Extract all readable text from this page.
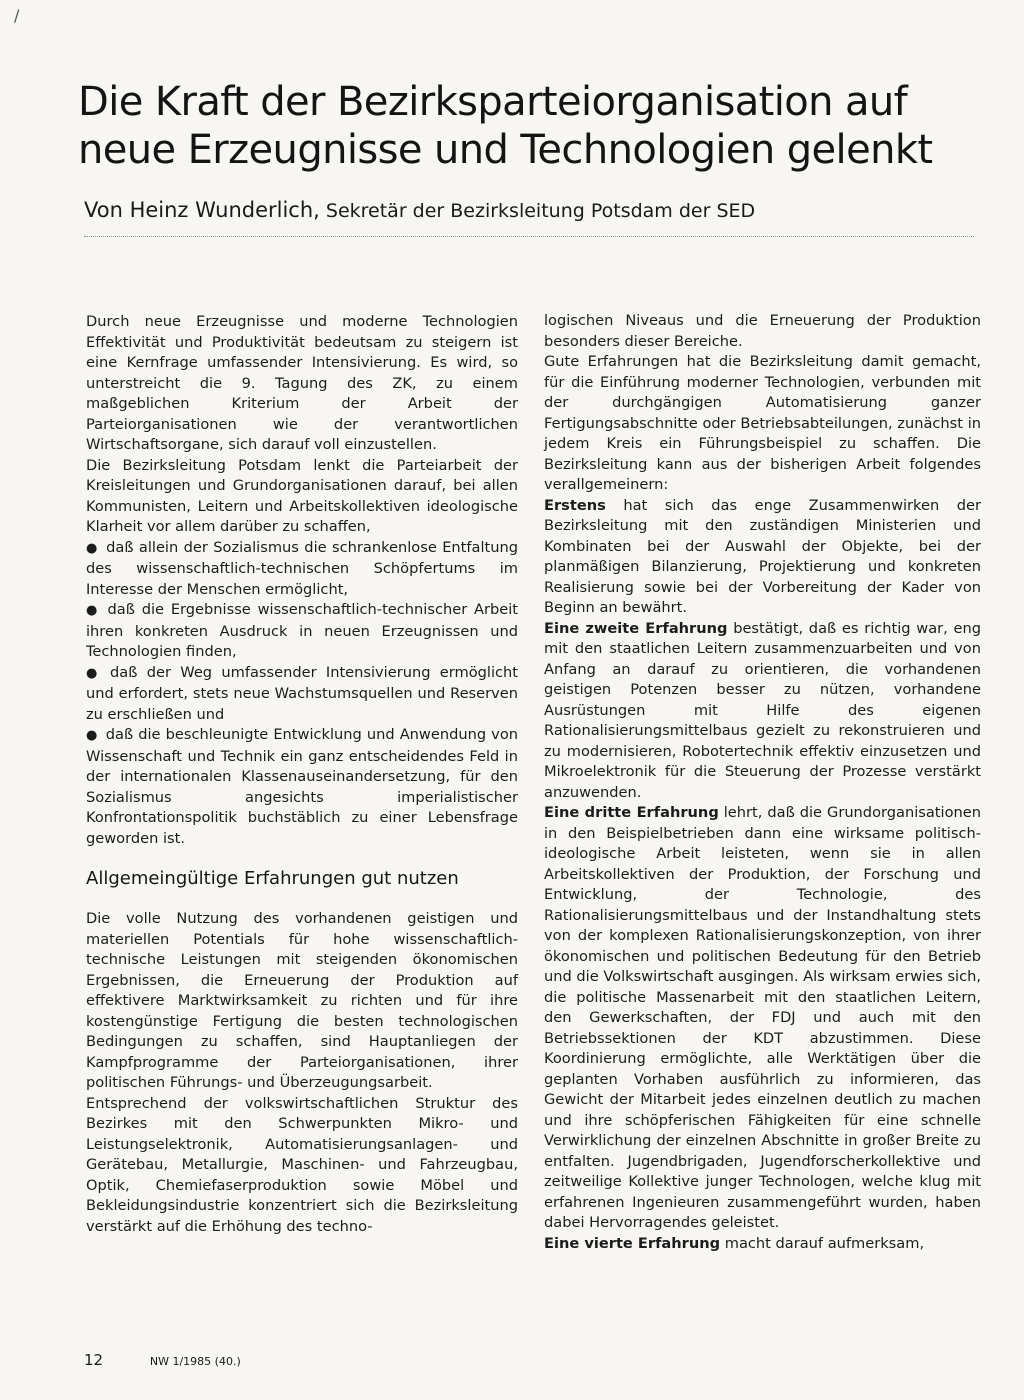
/
Die Kraft der Bezirksparteiorganisation auf neue Erzeugnisse und Technologien gelenkt
Von Heinz Wunderlich, Sekretär der Bezirksleitung Potsdam der SED

Durch neue Erzeugnisse und moderne Technologien Effektivität und Produktivität bedeutsam zu steigern ist eine Kernfrage umfassender Intensivierung. Es wird, so unterstreicht die 9. Tagung des ZK, zu einem maßgeblichen Kriterium der Arbeit der Parteiorganisationen wie der verantwortlichen Wirtschaftsorgane, sich darauf voll einzustellen.

Die Bezirksleitung Potsdam lenkt die Parteiarbeit der Kreisleitungen und Grundorganisationen darauf, bei allen Kommunisten, Leitern und Arbeitskollektiven ideologische Klarheit vor allem darüber zu schaffen,

● daß allein der Sozialismus die schrankenlose Entfaltung des wissenschaftlich-technischen Schöpfertums im Interesse der Menschen ermöglicht,

● daß die Ergebnisse wissenschaftlich-technischer Arbeit ihren konkreten Ausdruck in neuen Erzeugnissen und Technologien finden,

● daß der Weg umfassender Intensivierung ermöglicht und erfordert, stets neue Wachstumsquellen und Reserven zu erschließen und

● daß die beschleunigte Entwicklung und Anwendung von Wissenschaft und Technik ein ganz entscheidendes Feld in der internationalen Klassenauseinandersetzung, für den Sozialismus angesichts imperialistischer Konfrontationspolitik buchstäblich zu einer Lebensfrage geworden ist.

Allgemeingültige Erfahrungen gut nutzen

Die volle Nutzung des vorhandenen geistigen und materiellen Potentials für hohe wissenschaftlich-technische Leistungen mit steigenden ökonomischen Ergebnissen, die Erneuerung der Produktion auf effektivere Marktwirksamkeit zu richten und für ihre kostengünstige Fertigung die besten technologischen Bedingungen zu schaffen, sind Hauptanliegen der Kampfprogramme der Parteiorganisationen, ihrer politischen Führungs- und Überzeugungsarbeit.

Entsprechend der volkswirtschaftlichen Struktur des Bezirkes mit den Schwerpunkten Mikro- und Leistungselektronik, Automatisierungsanlagen- und Gerätebau, Metallurgie, Maschinen- und Fahrzeugbau, Optik, Chemiefaserproduktion sowie Möbel und Bekleidungsindustrie konzentriert sich die Bezirksleitung verstärkt auf die Erhöhung des techno-

logischen Niveaus und die Erneuerung der Produktion besonders dieser Bereiche.

Gute Erfahrungen hat die Bezirksleitung damit gemacht, für die Einführung moderner Technologien, verbunden mit der durchgängigen Automatisierung ganzer Fertigungsabschnitte oder Betriebsabteilungen, zunächst in jedem Kreis ein Führungsbeispiel zu schaffen. Die Bezirksleitung kann aus der bisherigen Arbeit folgendes verallgemeinern:

Erstens hat sich das enge Zusammenwirken der Bezirksleitung mit den zuständigen Ministerien und Kombinaten bei der Auswahl der Objekte, bei der planmäßigen Bilanzierung, Projektierung und konkreten Realisierung sowie bei der Vorbereitung der Kader von Beginn an bewährt.

Eine zweite Erfahrung bestätigt, daß es richtig war, eng mit den staatlichen Leitern zusammenzuarbeiten und von Anfang an darauf zu orientieren, die vorhandenen geistigen Potenzen besser zu nützen, vorhandene Ausrüstungen mit Hilfe des eigenen Rationalisierungsmittelbaus gezielt zu rekonstruieren und zu modernisieren, Robotertechnik effektiv einzusetzen und Mikroelektronik für die Steuerung der Prozesse verstärkt anzuwenden.

Eine dritte Erfahrung lehrt, daß die Grundorganisationen in den Beispielbetrieben dann eine wirksame politisch-ideologische Arbeit leisteten, wenn sie in allen Arbeitskollektiven der Produktion, der Forschung und Entwicklung, der Technologie, des Rationalisierungsmittelbaus und der Instandhaltung stets von der komplexen Rationalisierungskonzeption, von ihrer ökonomischen und politischen Bedeutung für den Betrieb und die Volkswirtschaft ausgingen. Als wirksam erwies sich, die politische Massenarbeit mit den staatlichen Leitern, den Gewerkschaften, der FDJ und auch mit den Betriebssektionen der KDT abzustimmen. Diese Koordinierung ermöglichte, alle Werktätigen über die geplanten Vorhaben ausführlich zu informieren, das Gewicht der Mitarbeit jedes einzelnen deutlich zu machen und ihre schöpferischen Fähigkeiten für eine schnelle Verwirklichung der einzelnen Abschnitte in großer Breite zu entfalten. Jugendbrigaden, Jugendforscherkollektive und zeitweilige Kollektive junger Technologen, welche klug mit erfahrenen Ingenieuren zusammengeführt wurden, haben dabei Hervorragendes geleistet.

Eine vierte Erfahrung macht darauf aufmerksam,

12	NW 1/1985 (40.)
